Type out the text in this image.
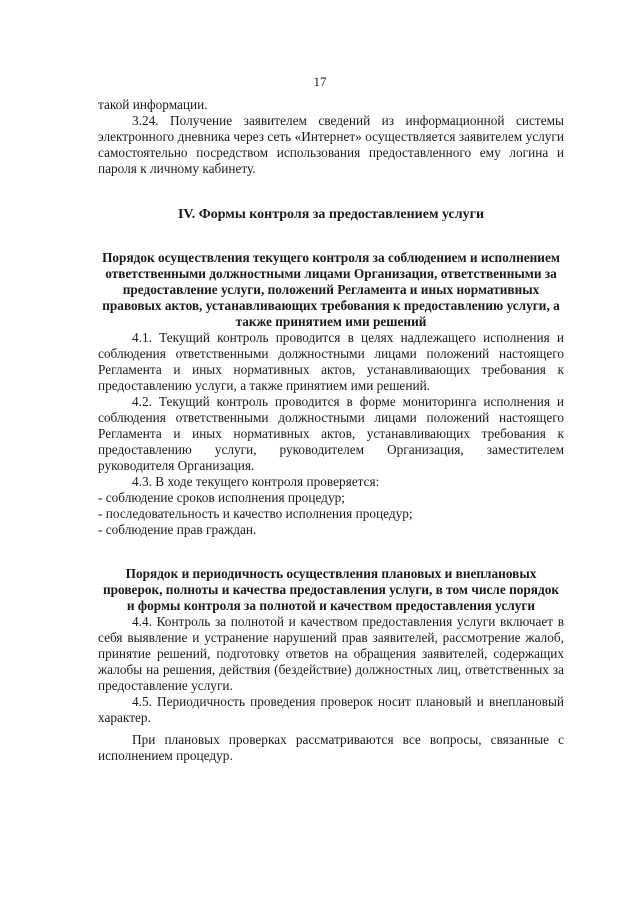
17

такой информации.

3.24. Получение заявителем сведений из информационной системы электронного дневника через сеть «Интернет» осуществляется заявителем услуги самостоятельно посредством использования предоставленного ему логина и пароля к личному кабинету.

IV. Формы контроля за предоставлением услуги
Порядок осуществления текущего контроля за соблюдением и исполнением ответственными должностными лицами Организация, ответственными за предоставление услуги, положений Регламента и иных нормативных правовых актов, устанавливающих требования к предоставлению услуги, а также принятием ими решений

4.1. Текущий контроль проводится в целях надлежащего исполнения и соблюдения ответственными должностными лицами положений настоящего Регламента и иных нормативных актов, устанавливающих требования к предоставлению услуги, а также принятием ими решений.

4.2. Текущий контроль проводится в форме мониторинга исполнения и соблюдения ответственными должностными лицами положений настоящего Регламента и иных нормативных актов, устанавливающих требования к предоставлению услуги, руководителем Организация, заместителем руководителя Организация.

4.3. В ходе текущего контроля проверяется:

- соблюдение сроков исполнения процедур;

- последовательность и качество исполнения процедур;

- соблюдение прав граждан.

Порядок и периодичность осуществления плановых и внеплановых проверок, полноты и качества предоставления услуги, в том числе порядок и формы контроля за полнотой и качеством предоставления услуги

4.4. Контроль за полнотой и качеством предоставления услуги включает в себя выявление и устранение нарушений прав заявителей, рассмотрение жалоб, принятие решений, подготовку ответов на обращения заявителей, содержащих жалобы на решения, действия (бездействие) должностных лиц, ответственных за предоставление услуги.

4.5. Периодичность проведения проверок носит плановый и внеплановый характер.

При плановых проверках рассматриваются все вопросы, связанные с исполнением процедур.
